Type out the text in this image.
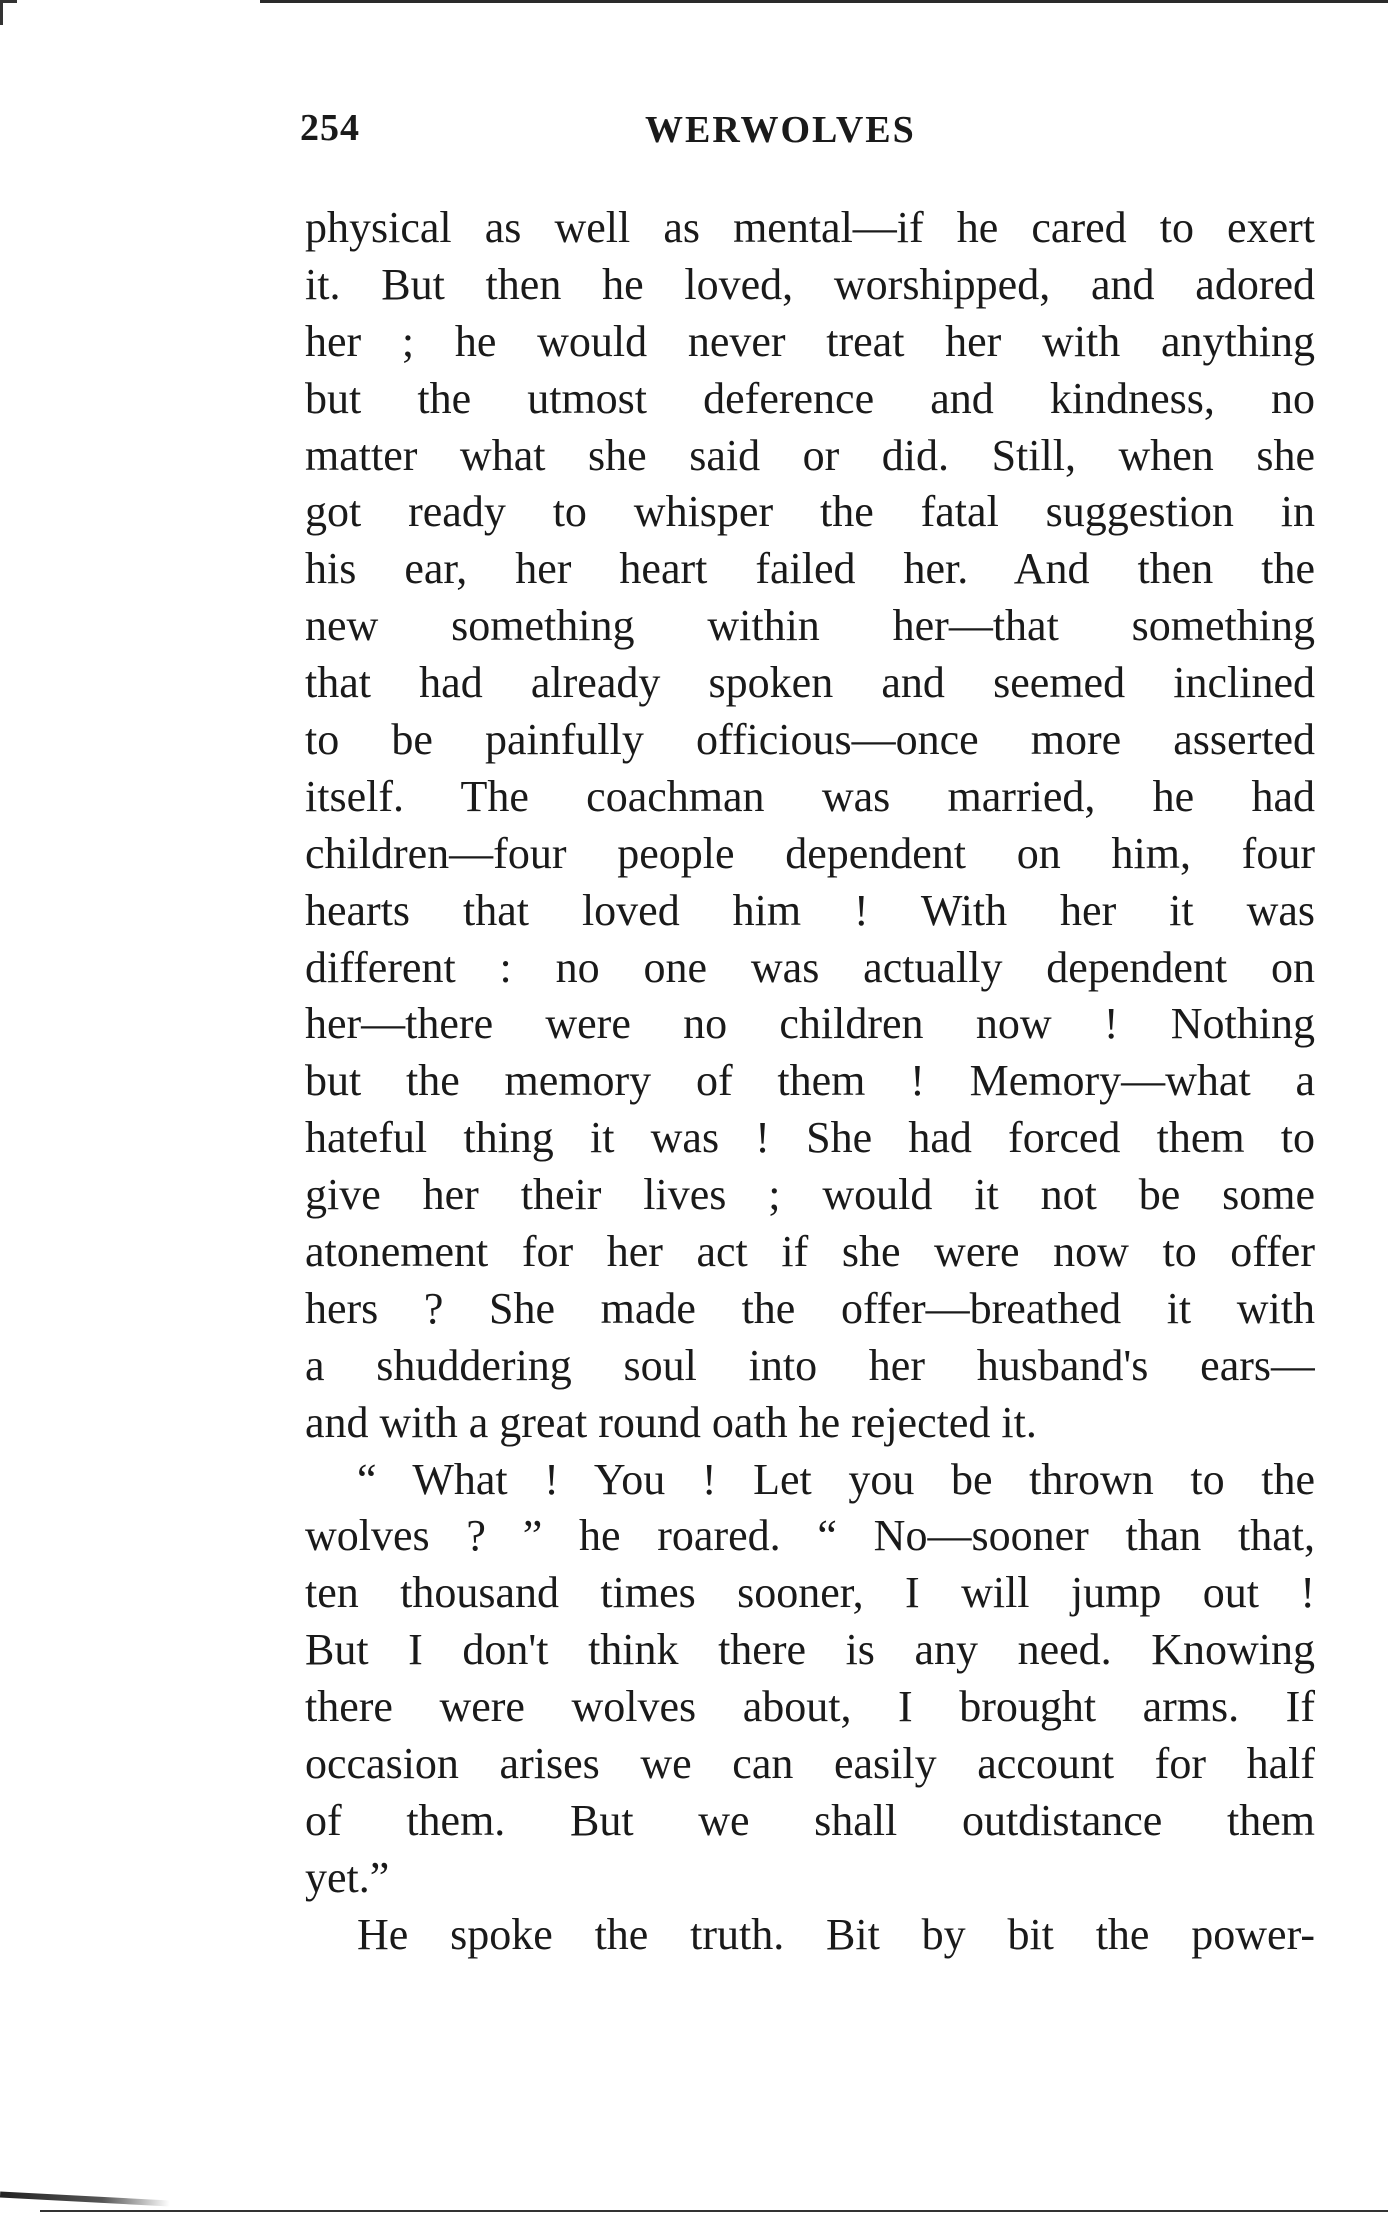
254	WERWOLVES
physical as well as mental—if he cared to exert
it. But then he loved, worshipped, and adored
her ; he would never treat her with anything
but the utmost deference and kindness, no
matter what she said or did. Still, when she
got ready to whisper the fatal suggestion in
his ear, her heart failed her. And then the
new something within her—that something
that had already spoken and seemed inclined
to be painfully officious—once more asserted
itself. The coachman was married, he had
children—four people dependent on him, four
hearts that loved him ! With her it was
different : no one was actually dependent on
her—there were no children now ! Nothing
but the memory of them ! Memory—what a
hateful thing it was ! She had forced them to
give her their lives ; would it not be some
atonement for her act if she were now to offer
hers ? She made the offer—breathed it with
a shuddering soul into her husband's ears—
and with a great round oath he rejected it.
“ What ! You ! Let you be thrown to the
wolves ? ” he roared. “ No—sooner than that,
ten thousand times sooner, I will jump out !
But I don't think there is any need. Knowing
there were wolves about, I brought arms. If
occasion arises we can easily account for half
of them. But we shall outdistance them
yet.”
He spoke the truth. Bit by bit the power-
